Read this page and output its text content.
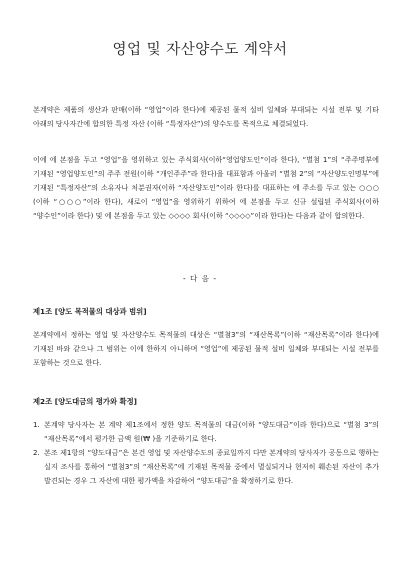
영업 및 자산양수도 계약서
본계약은 제품의 생산과 판매(이하 “영업”이라 한다)에 제공된 물적 설비 일체와 부대되는 시설 전부 및 기타 아래의 당사자간에 합의한 특정 자산 (이하 “특정자산”)의 양수도를 목적으로 체결되었다.
이에 에 본점을 두고 “영업”을 영위하고 있는 주식회사(이하“영업양도인”이라 한다), “별첨 1”의 “주주명부에 기재된 “영업양도인”의 주주 전원(이하 “개인주주”라 한다)을 대표함과 아울러 “별첨 2”의 “자산양도인명부”에 기재된 “특정자산”의 소유자나 처분권자(이하 “자산양도인”이라 한다)를 대표하는 에 주소를 두고 있는 ○○○ (이하 “○○○”이라 한다), 새로이 “영업”을 영위하기 위하여 에 본점을 두고 신규 설립된 주식회사(이하 “양수인”이라 한다) 및 에 본점을 두고 있는 ◇◇◇◇ 회사(이하 “◇◇◇◇”이라 한다)는 다음과 같이 합의한다.
- 다 음 -
제1조 [양도 목적물의 대상과 범위]
본계약에서 정하는 영업 및 자산양수도 목적물의 대상은 “별첨3”의 “재산목록”(이하 “재산목록”이라 한다)에 기재된 바와 같으나 그 범위는 이에 한하지 아니하며 “영업”에 제공된 물적 설비 일체와 부대되는 시설 전부를 포함하는 것으로 한다.
제2조 [양도대금의 평가와 확정]
1. 본계약 당사자는 본 계약 제1조에서 정한 양도 목적물의 대금(이하 “양도대금”이라 한다)으로 “별첨 3”의 “재산목록”에서 평가한 금액 원(₩ )을 기준하기로 한다.
2. 본조 제1항의 “양도대금”은 본건 영업 및 자산양수도의 종료일까지 다만 본계약의 당사자가 공동으로 행하는 실지 조사를 통하여 “별첨3”의 “재산목록”에 기재된 목적물 중에서 멸실되거나 현저히 훼손된 자산이 추가 발견되는 경우 그 자산에 대한 평가액을 차감하여 “양도대금”을 확정하기로 한다.
